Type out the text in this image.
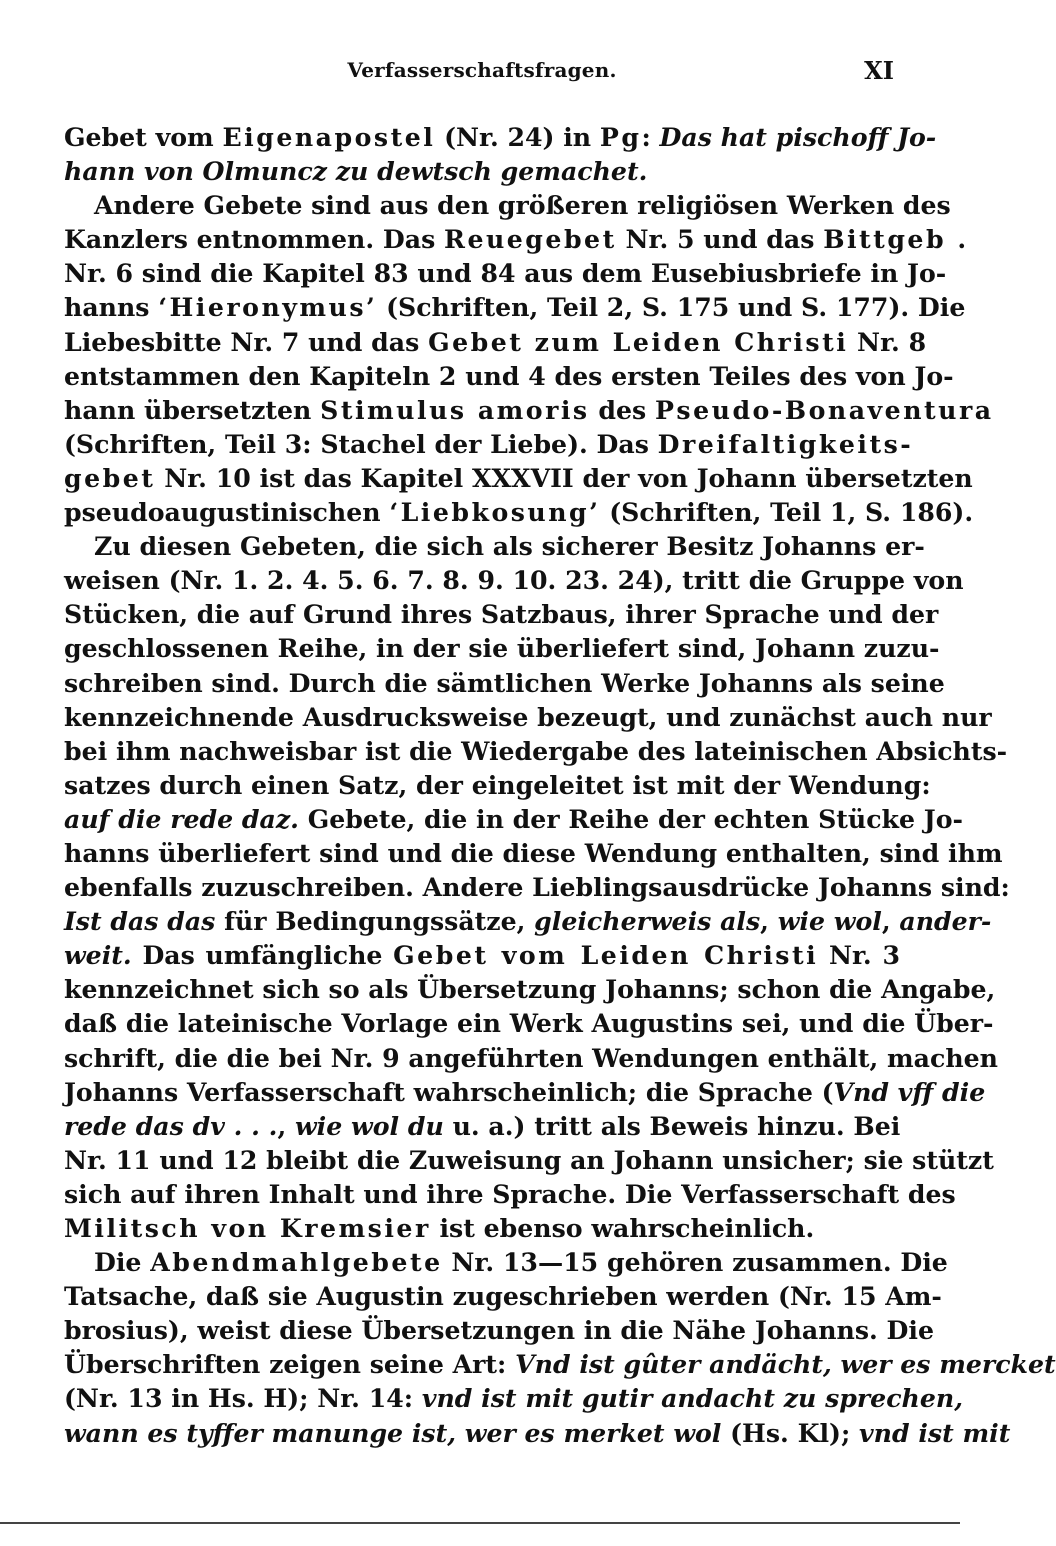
Verfasserschaftsfragen.	XI
Gebet vom Eigenapostel (Nr. 24) in Pg: Das hat pischoff Jo-
hann von Olmuncz zu dewtsch gemachet.
Andere Gebete sind aus den größeren religiösen Werken des
Kanzlers entnommen. Das Reuegebet Nr. 5 und das Bittgeb .
Nr. 6 sind die Kapitel 83 und 84 aus dem Eusebiusbriefe in Jo-
hanns ‘Hieronymus’ (Schriften, Teil 2, S. 175 und S. 177). Die
Liebesbitte Nr. 7 und das Gebet zum Leiden Christi Nr. 8
entstammen den Kapiteln 2 und 4 des ersten Teiles des von Jo-
hann übersetzten Stimulus amoris des Pseudo-Bonaventura
(Schriften, Teil 3: Stachel der Liebe). Das Dreifaltigkeits-
gebet Nr. 10 ist das Kapitel XXXVII der von Johann übersetzten
pseudoaugustinischen ‘Liebkosung’ (Schriften, Teil 1, S. 186).
Zu diesen Gebeten, die sich als sicherer Besitz Johanns er-
weisen (Nr. 1. 2. 4. 5. 6. 7. 8. 9. 10. 23. 24), tritt die Gruppe von
Stücken, die auf Grund ihres Satzbaus, ihrer Sprache und der
geschlossenen Reihe, in der sie überliefert sind, Johann zuzu-
schreiben sind. Durch die sämtlichen Werke Johanns als seine
kennzeichnende Ausdrucksweise bezeugt, und zunächst auch nur
bei ihm nachweisbar ist die Wiedergabe des lateinischen Absichts-
satzes durch einen Satz, der eingeleitet ist mit der Wendung:
auf die rede daz. Gebete, die in der Reihe der echten Stücke Jo-
hanns überliefert sind und die diese Wendung enthalten, sind ihm
ebenfalls zuzuschreiben. Andere Lieblingsausdrücke Johanns sind:
Ist das das für Bedingungssätze, gleicherweis als, wie wol, ander-
weit. Das umfängliche Gebet vom Leiden Christi Nr. 3
kennzeichnet sich so als Übersetzung Johanns; schon die Angabe,
daß die lateinische Vorlage ein Werk Augustins sei, und die Über-
schrift, die die bei Nr. 9 angeführten Wendungen enthält, machen
Johanns Verfasserschaft wahrscheinlich; die Sprache (Vnd vff die
rede das dv . . ., wie wol du u. a.) tritt als Beweis hinzu. Bei
Nr. 11 und 12 bleibt die Zuweisung an Johann unsicher; sie stützt
sich auf ihren Inhalt und ihre Sprache. Die Verfasserschaft des
Militsch von Kremsier ist ebenso wahrscheinlich.
Die Abendmahlgebete Nr. 13—15 gehören zusammen. Die
Tatsache, daß sie Augustin zugeschrieben werden (Nr. 15 Am-
brosius), weist diese Übersetzungen in die Nähe Johanns. Die
Überschriften zeigen seine Art: Vnd ist gûter andächt, wer es mercket
(Nr. 13 in Hs. H); Nr. 14: vnd ist mit gutir andacht zu sprechen,
wann es tyffer manunge ist, wer es merket wol (Hs. Kl); vnd ist mit
